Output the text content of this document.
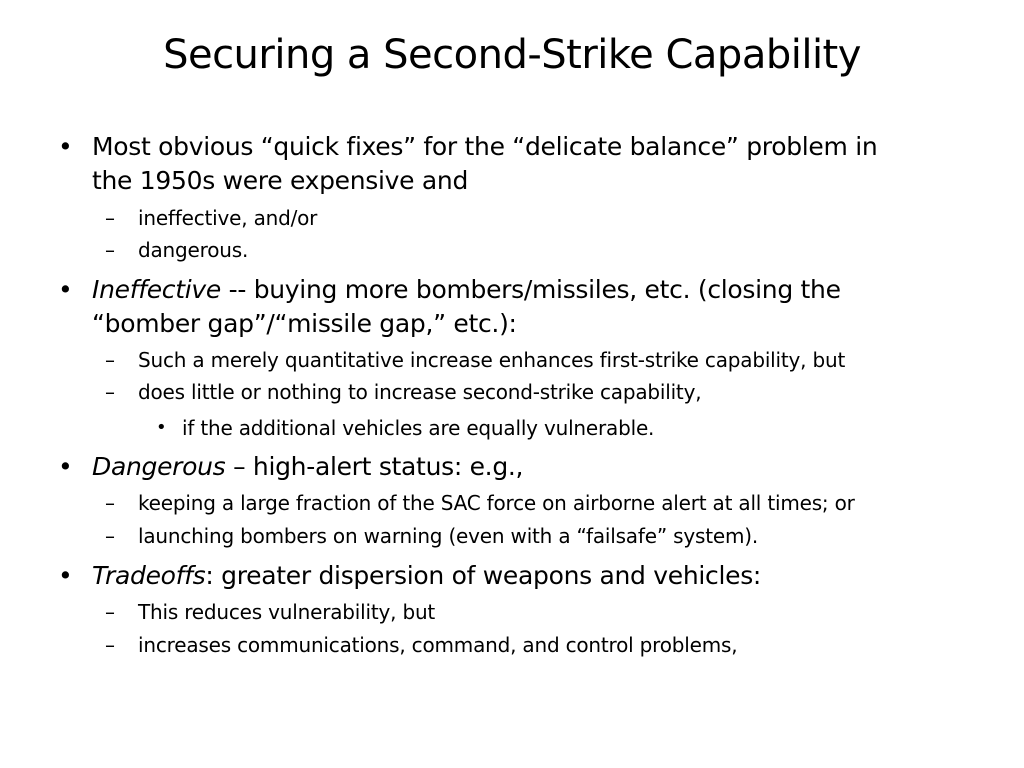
Securing a Second-Strike Capability
• Most obvious “quick fixes” for the “delicate balance” problem in
the 1950s were expensive and
– ineffective, and/or
– dangerous.
• Ineffective -- buying more bombers/missiles, etc. (closing the
“bomber gap”/“missile gap,” etc.):
– Such a merely quantitative increase enhances first-strike capability, but
– does little or nothing to increase second-strike capability,
• if the additional vehicles are equally vulnerable.
• Dangerous – high-alert status: e.g.,
– keeping a large fraction of the SAC force on airborne alert at all times; or
– launching bombers on warning (even with a “failsafe” system).
• Tradeoffs: greater dispersion of weapons and vehicles:
– This reduces vulnerability, but
– increases communications, command, and control problems,
